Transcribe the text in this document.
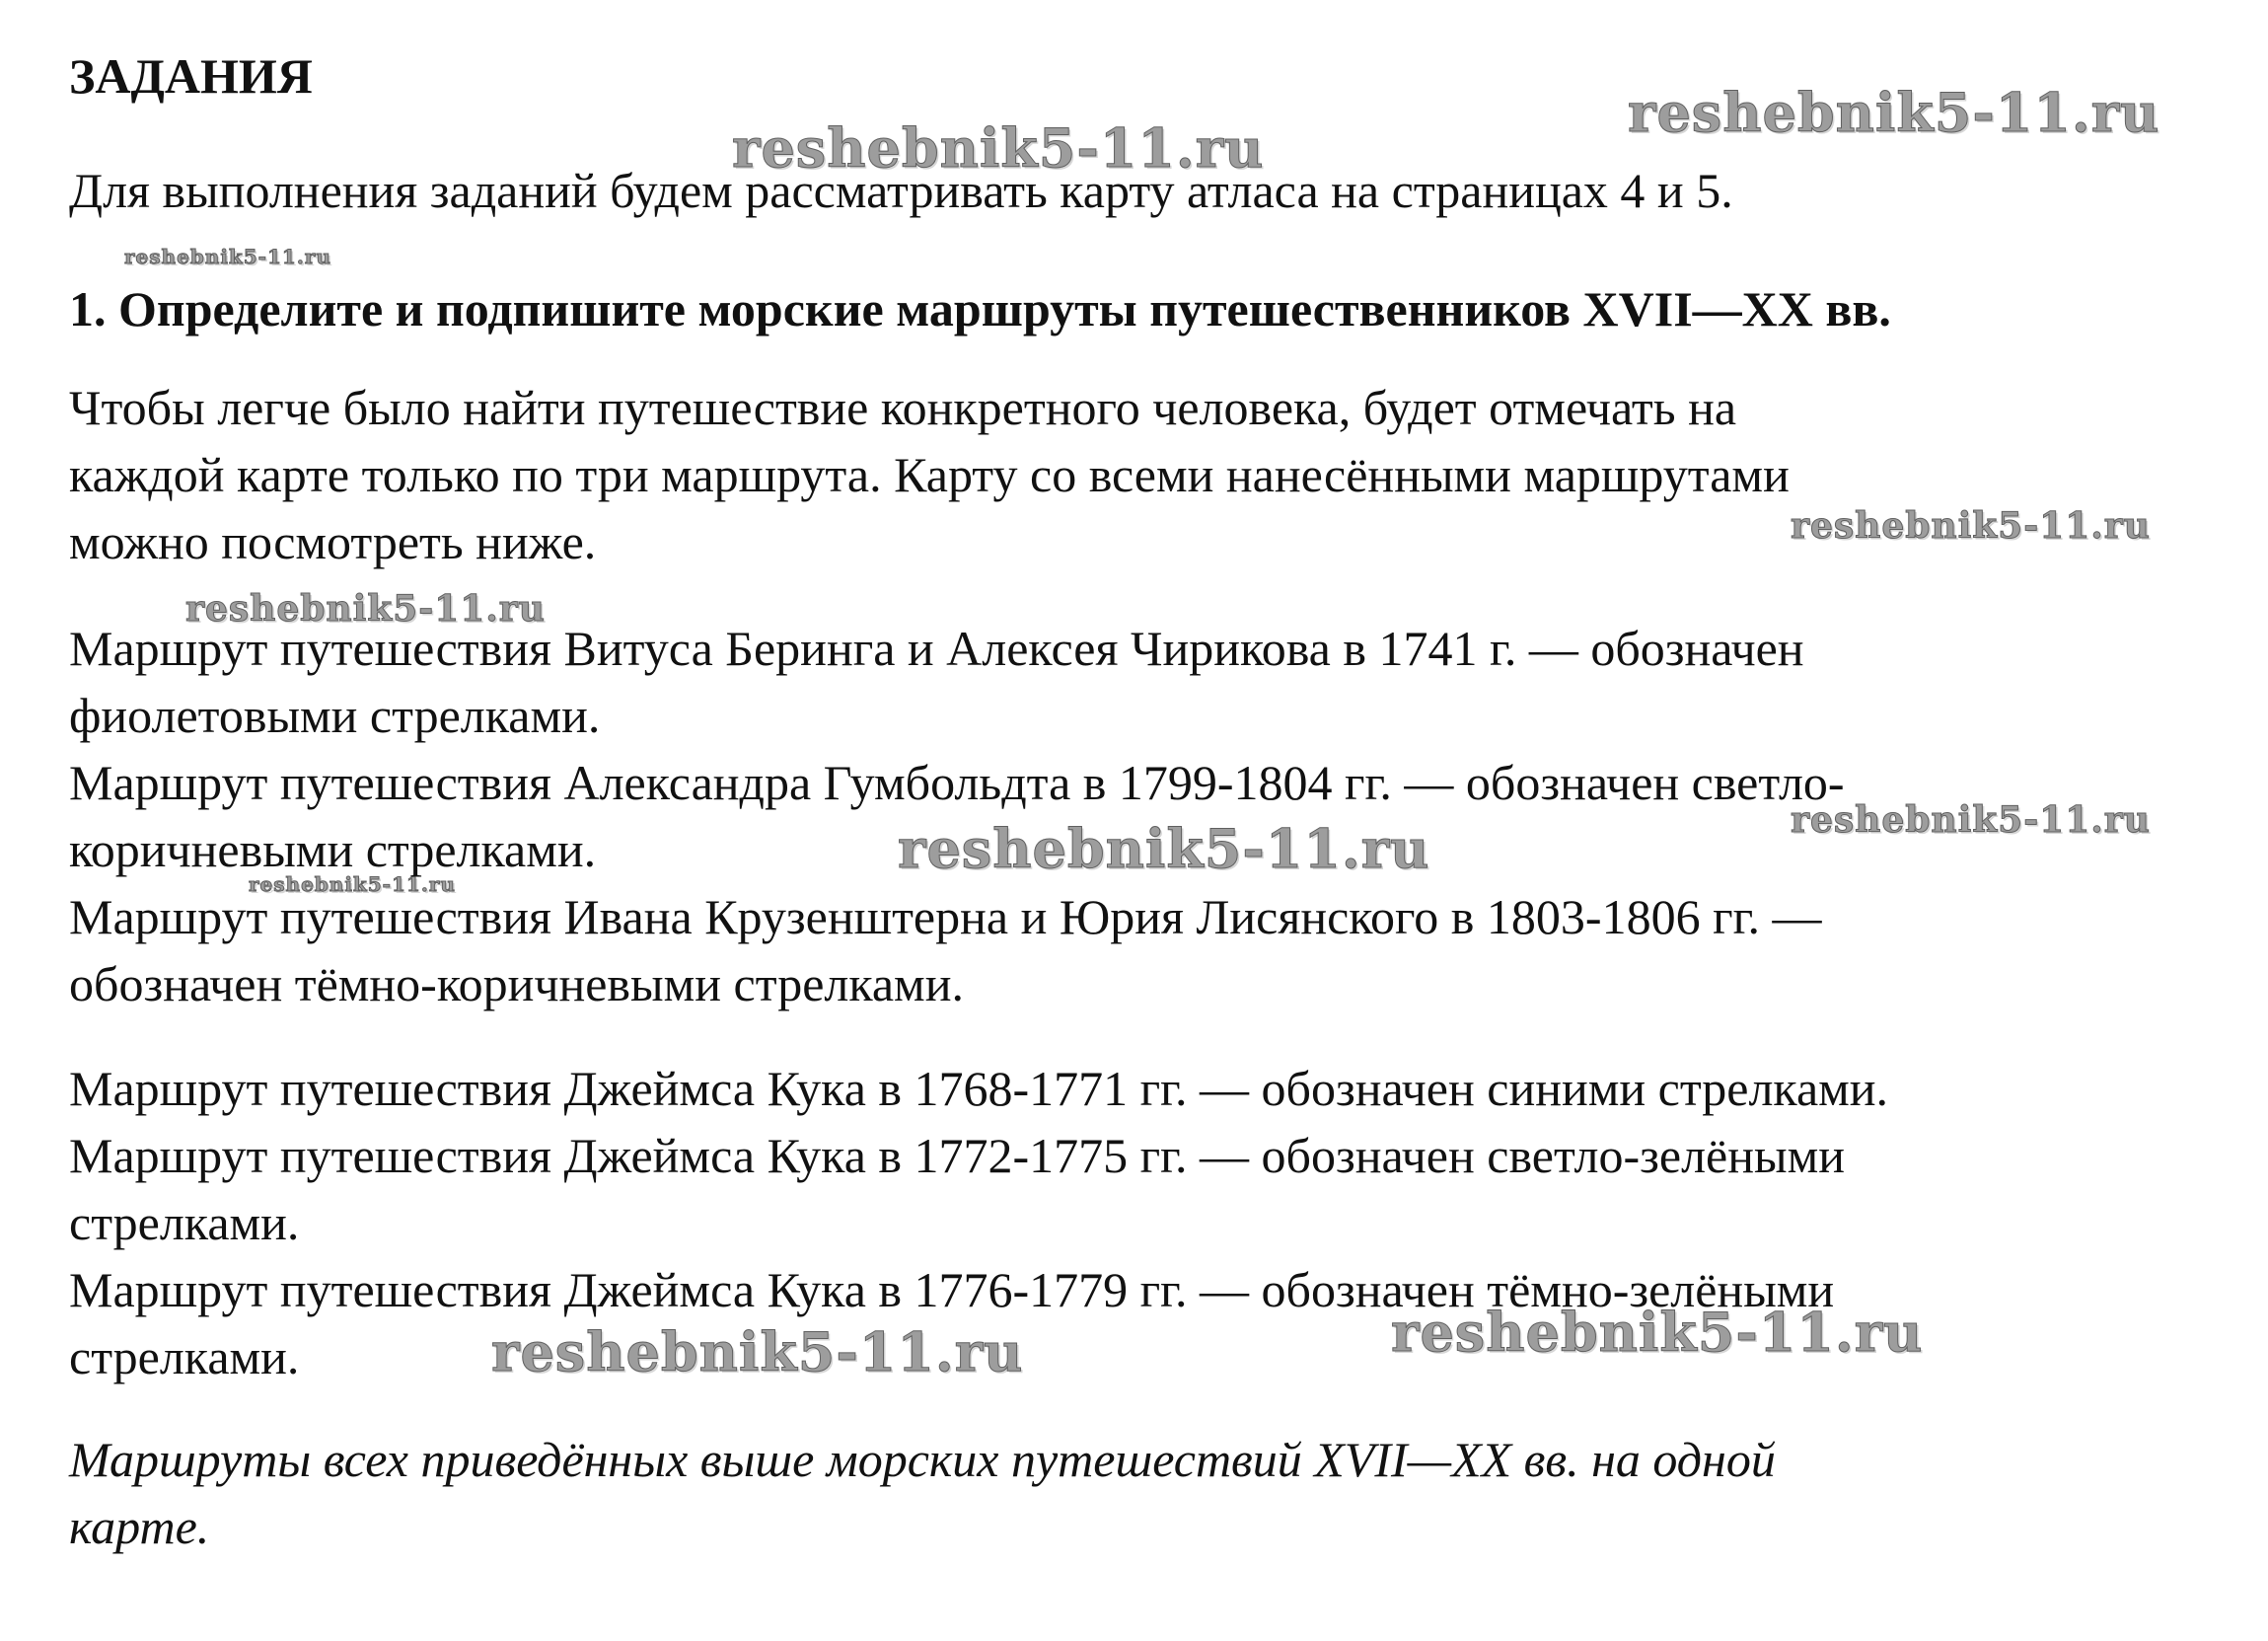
ЗАДАНИЯ

Для выполнения заданий будем рассматривать карту атласа на страницах 4 и 5.

1. Определите и подпишите морские маршруты путешественников XVII—XX вв.

Чтобы легче было найти путешествие конкретного человека, будет отмечать на

каждой карте только по три маршрута. Карту со всеми нанесёнными маршрутами

можно посмотреть ниже.

Маршрут путешествия Витуса Беринга и Алексея Чирикова в 1741 г. — обозначен

фиолетовыми стрелками.

Маршрут путешествия Александра Гумбольдта в 1799-1804 гг. — обозначен светло-

коричневыми стрелками.

Маршрут путешествия Ивана Крузенштерна и Юрия Лисянского в 1803-1806 гг. —

обозначен тёмно-коричневыми стрелками.

Маршрут путешествия Джеймса Кука в 1768-1771 гг. — обозначен синими стрелками.

Маршрут путешествия Джеймса Кука в 1772-1775 гг. — обозначен светло-зелёными

стрелками.

Маршрут путешествия Джеймса Кука в 1776-1779 гг. — обозначен тёмно-зелёными

стрелками.

Маршруты всех приведённых выше морских путешествий XVII—XX вв. на одной

карте.

reshebnik5-11.ru
reshebnik5-11.ru
reshebnik5-11.ru
reshebnik5-11.ru
reshebnik5-11.ru
reshebnik5-11.ru	reshebnik5-11.ru
reshebnik5-11.ru
reshebnik5-11.ru	reshebnik5-11.ru
